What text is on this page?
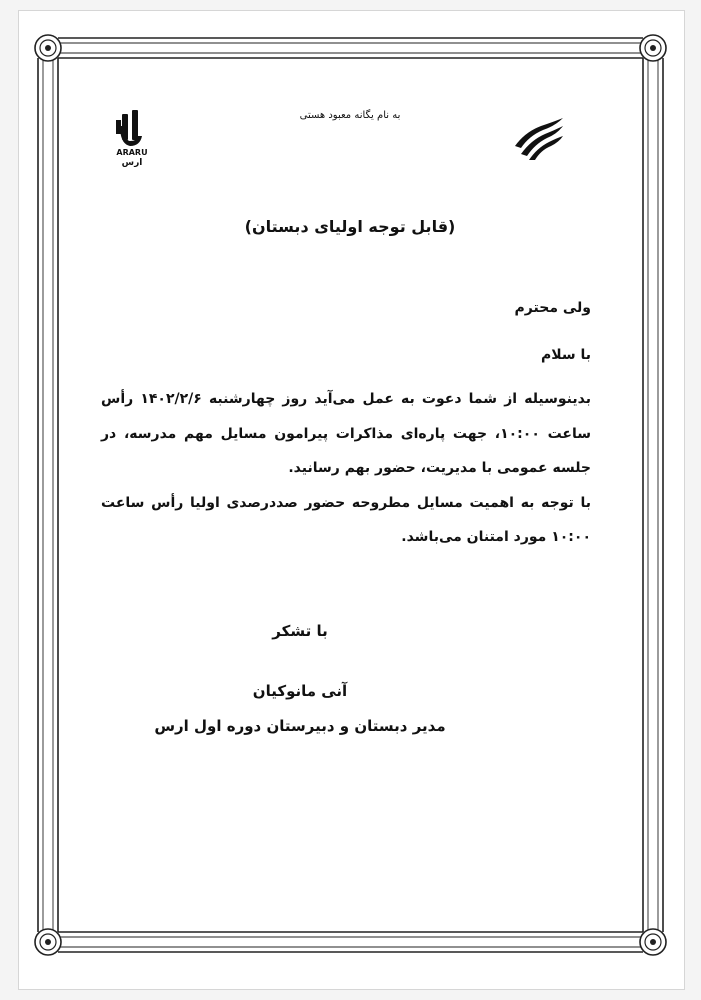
ARARU
ارس
به نام یگانه معبود هستی
(قابل توجه اولیای دبستان)
ولی محترم
با سلام

بدینوسیله از شما دعوت به عمل می‌آید روز چهارشنبه ۱۴۰۲/۲/۶ رأس ساعت ۱۰:۰۰، جهت پاره‌ای مذاکرات پیرامون مسایل مهم مدرسه، در جلسه عمومی با مدیریت، حضور بهم رسانید.

با توجه به اهمیت مسایل مطروحه حضور صددرصدی اولیا رأس ساعت ۱۰:۰۰ مورد امتنان می‌باشد.

با تشکر
آنی مانوکیان
مدیر دبستان و دبیرستان دوره اول ارس
